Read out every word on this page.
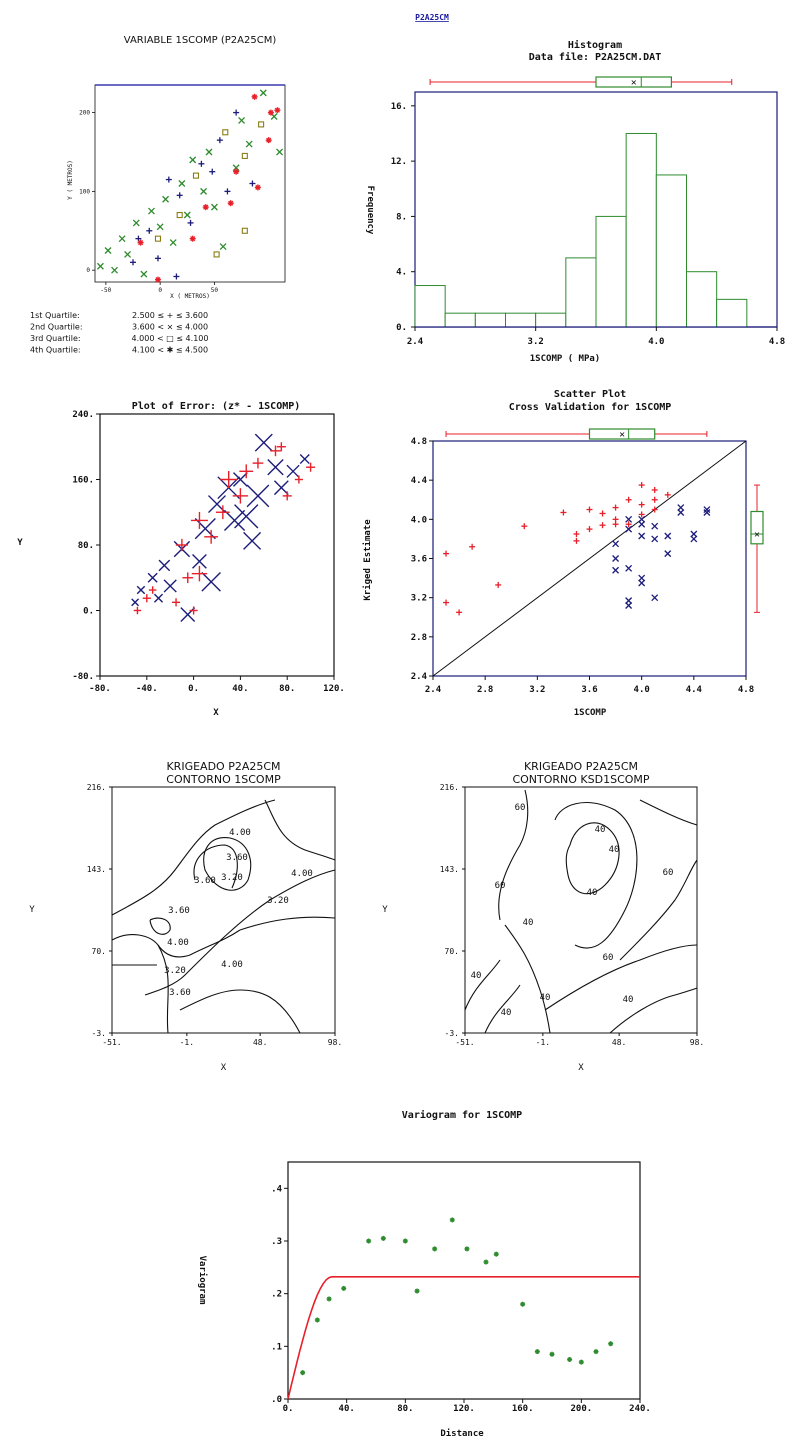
P2A25CM
VARIABLE 1SCOMP (P2A25CM)
-50	0	50
200
100
0
X ( METROS)
Y ( METROS)
1st Quartile:	2.500 ≤ + ≤ 3.600
2nd Quartile:	3.600 < × ≤ 4.000
3rd Quartile:	4.000 < □ ≤ 4.100
4th Quartile:	4.100 < ✱ ≤ 4.500
Histogram
Data file: P2A25CM.DAT
×
0.
4.
8.
12.
16.
2.4	3.2	4.0	4.8
1SCOMP ( MPa)
Frequency
Plot of Error: (z* - 1SCOMP)
-80.
0.
80.
160.
240.
-80.	-40.	0.	40.	80.	120.
X
Y
Scatter Plot
Cross Validation for 1SCOMP
×
×
2.4
2.8
3.2
3.6
4.0
4.4
4.8
2.4	2.8	3.2	3.6	4.0	4.4	4.8
1SCOMP
Kriged Estimate
KRIGEADO P2A25CM
CONTORNO 1SCOMP
216.
143.
70.
-3.
-51.	-1.	48.	98.
X
Y
4.00
3.60
3.20
3.60
4.00
3.20
3.60
4.00
3.20
3.60
4.00
KRIGEADO P2A25CM
CONTORNO KSD1SCOMP
216.
143.
70.
-3.
-51.	-1.	48.	98.
X
Y
60
40
40
40
60
40
40
40
40
60
60
40
Variogram for 1SCOMP
.0
.1
.2
.3
.4
0.	40.	80.	120.	160.	200.	240.
Distance
Variogram
